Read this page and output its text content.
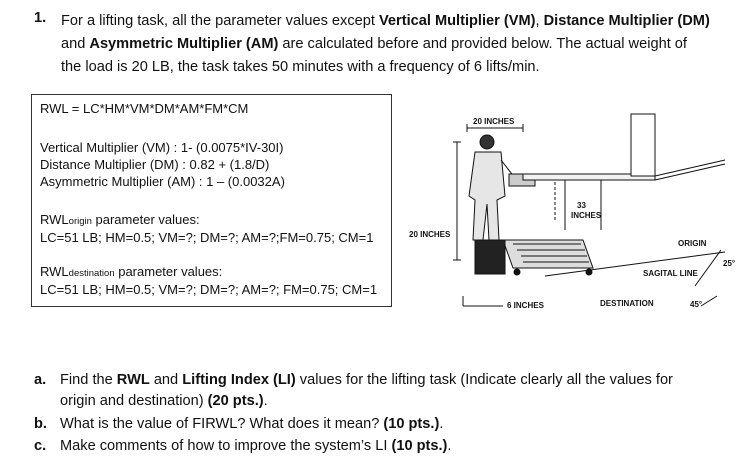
1. For a lifting task, all the parameter values except Vertical Multiplier (VM), Distance Multiplier (DM) and Asymmetric Multiplier (AM) are calculated before and provided below. The actual weight of the load is 20 LB, the task takes 50 minutes with a frequency of 6 lifts/min.
RWL = LC*HM*VM*DM*AM*FM*CM
Vertical Multiplier (VM) : 1- (0.0075*IV-30I)
Distance Multiplier (DM) : 0.82 + (1.8/D)
Asymmetric Multiplier (AM) : 1 – (0.0032A)
RWLorigin parameter values:
LC=51 LB; HM=0.5; VM=?; DM=?; AM=?;FM=0.75; CM=1
RWLdestination parameter values:
LC=51 LB; HM=0.5; VM=?; DM=?; AM=?; FM=0.75; CM=1
20 INCHES
33
INCHES
20 INCHES
ORIGIN
25°
SAGITAL LINE
6 INCHES	DESTINATION	45°
a. Find the RWL and Lifting Index (LI) values for the lifting task (Indicate clearly all the values for origin and destination) (20 pts.).
b. What is the value of FIRWL? What does it mean? (10 pts.).
c. Make comments of how to improve the system’s LI (10 pts.).
